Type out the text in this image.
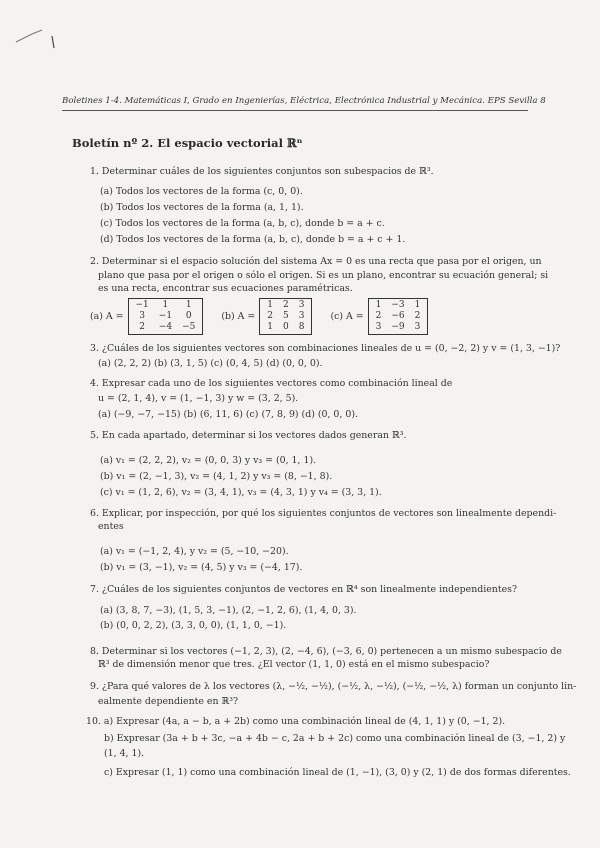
Boletines 1-4. Matemáticas I, Grado en Ingenierías, Eléctrica, Electrónica Industrial y Mecánica. EPS Sevilla 8
Boletín nº 2. El espacio vectorial ℝⁿ
1. Determinar cuáles de los siguientes conjuntos son subespacios de ℝ³.
(a) Todos los vectores de la forma (c, 0, 0).
(b) Todos los vectores de la forma (a, 1, 1).
(c) Todos los vectores de la forma (a, b, c), donde b = a + c.
(d) Todos los vectores de la forma (a, b, c), donde b = a + c + 1.
2. Determinar si el espacio solución del sistema Ax = 0 es una recta que pasa por el origen, un
plano que pasa por el origen o sólo el origen. Si es un plano, encontrar su ecuación general; si
es una recta, encontrar sus ecuaciones paramétricas.
(a) A =
−1	1	1
3	−1	0
2	−4	−5
(b) A =
1	2	3
2	5	3
1	0	8
(c) A =
1	−3	1
2	−6	2
3	−9	3
3. ¿Cuáles de los siguientes vectores son combinaciones lineales de u = (0, −2, 2) y v = (1, 3, −1)?
(a) (2, 2, 2) (b) (3, 1, 5) (c) (0, 4, 5) (d) (0, 0, 0).
4. Expresar cada uno de los siguientes vectores como combinación lineal de
u = (2, 1, 4), v = (1, −1, 3) y w = (3, 2, 5).
(a) (−9, −7, −15) (b) (6, 11, 6) (c) (7, 8, 9) (d) (0, 0, 0).
5. En cada apartado, determinar si los vectores dados generan ℝ³.
(a) v₁ = (2, 2, 2), v₂ = (0, 0, 3) y v₃ = (0, 1, 1).
(b) v₁ = (2, −1, 3), v₂ = (4, 1, 2) y v₃ = (8, −1, 8).
(c) v₁ = (1, 2, 6), v₂ = (3, 4, 1), v₃ = (4, 3, 1) y v₄ = (3, 3, 1).
6. Explicar, por inspección, por qué los siguientes conjuntos de vectores son linealmente dependi-
entes
(a) v₁ = (−1, 2, 4), y v₂ = (5, −10, −20).
(b) v₁ = (3, −1), v₂ = (4, 5) y v₃ = (−4, 17).
7. ¿Cuáles de los siguientes conjuntos de vectores en ℝ⁴ son linealmente independientes?
(a) (3, 8, 7, −3), (1, 5, 3, −1), (2, −1, 2, 6), (1, 4, 0, 3).
(b) (0, 0, 2, 2), (3, 3, 0, 0), (1, 1, 0, −1).
8. Determinar si los vectores (−1, 2, 3), (2, −4, 6), (−3, 6, 0) pertenecen a un mismo subespacio de
ℝ³ de dimensión menor que tres. ¿El vector (1, 1, 0) está en el mismo subespacio?
9. ¿Para qué valores de λ los vectores (λ, −½, −½), (−½, λ, −½), (−½, −½, λ) forman un conjunto lin-
ealmente dependiente en ℝ³?
10. a) Expresar (4a, a − b, a + 2b) como una combinación lineal de (4, 1, 1) y (0, −1, 2).
b) Expresar (3a + b + 3c, −a + 4b − c, 2a + b + 2c) como una combinación lineal de (3, −1, 2) y
(1, 4, 1).
c) Expresar (1, 1) como una combinación lineal de (1, −1), (3, 0) y (2, 1) de dos formas diferentes.
